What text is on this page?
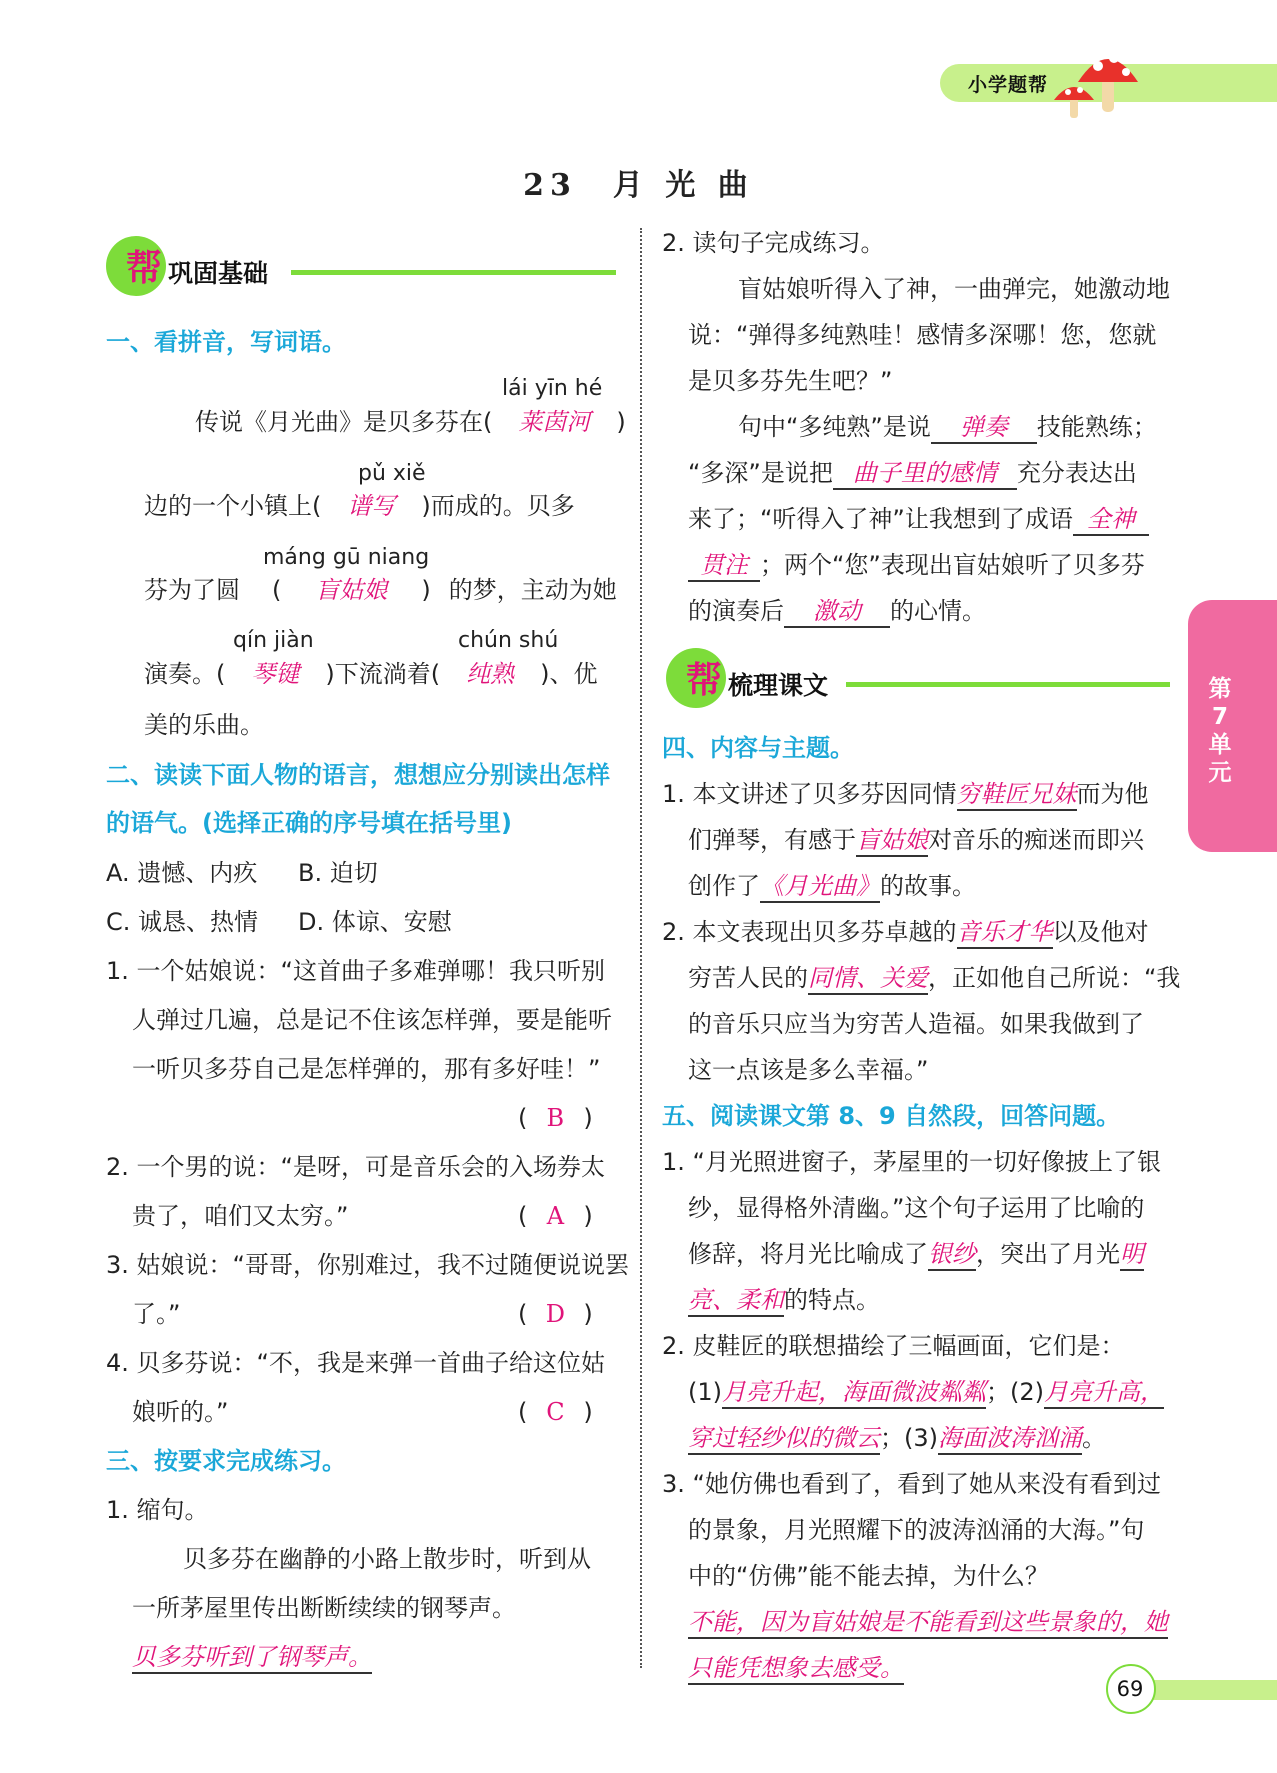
小学题帮
23　月 光 曲
帮 巩固基础
一、看拼音，写词语。
lái yīn hé
传说《月光曲》是贝多芬在( 莱茵河 )
pǔ xiě
边的一个小镇上( 谱写 )而成的。贝多
máng gū niang
芬为了圆 ( 盲姑娘 ) 的梦，主动为她
qín jiàn	chún shú
演奏。( 琴键 )下流淌着( 纯熟 )、优
美的乐曲。
二、读读下面人物的语言，想想应分别读出怎样
的语气。(选择正确的序号填在括号里)
A. 遗憾、内疚 B. 迫切
C. 诚恳、热情 D. 体谅、安慰
1. 一个姑娘说：“这首曲子多难弹哪！我只听别
人弹过几遍，总是记不住该怎样弹，要是能听
一听贝多芬自己是怎样弹的，那有多好哇！”
( B )
2. 一个男的说：“是呀，可是音乐会的入场券太
贵了，咱们又太穷。”	( A )
3. 姑娘说：“哥哥，你别难过，我不过随便说说罢
了。”	( D )
4. 贝多芬说：“不，我是来弹一首曲子给这位姑
娘听的。”	( C )
三、按要求完成练习。
1. 缩句。
贝多芬在幽静的小路上散步时，听到从
一所茅屋里传出断断续续的钢琴声。
贝多芬听到了钢琴声。
2. 读句子完成练习。
盲姑娘听得入了神，一曲弹完，她激动地
说：“弹得多纯熟哇！感情多深哪！您，您就
是贝多芬先生吧？”
句中“多纯熟”是说 弹奏 技能熟练；
“多深”是说把 曲子里的感情 充分表达出
来了；“听得入了神”让我想到了成语 全神
贯注 ；两个“您”表现出盲姑娘听了贝多芬
的演奏后 激动 的心情。
帮 梳理课文
四、内容与主题。
1. 本文讲述了贝多芬因同情穷鞋匠兄妹而为他
们弹琴，有感于盲姑娘对音乐的痴迷而即兴
创作了《月光曲》的故事。
2. 本文表现出贝多芬卓越的音乐才华以及他对
穷苦人民的同情、关爱，正如他自己所说：“我
的音乐只应当为穷苦人造福。如果我做到了
这一点该是多么幸福。”
五、阅读课文第 8、9 自然段，回答问题。
1. “月光照进窗子，茅屋里的一切好像披上了银
纱，显得格外清幽。”这个句子运用了比喻的
修辞，将月光比喻成了银纱，突出了月光明
亮、柔和的特点。
2. 皮鞋匠的联想描绘了三幅画面，它们是：
(1)月亮升起，海面微波粼粼；(2)月亮升高，
穿过轻纱似的微云；(3)海面波涛汹涌。
3. “她仿佛也看到了，看到了她从来没有看到过
的景象，月光照耀下的波涛汹涌的大海。”句
中的“仿佛”能不能去掉，为什么？
不能，因为盲姑娘是不能看到这些景象的，她
只能凭想象去感受。
第7单元
69
